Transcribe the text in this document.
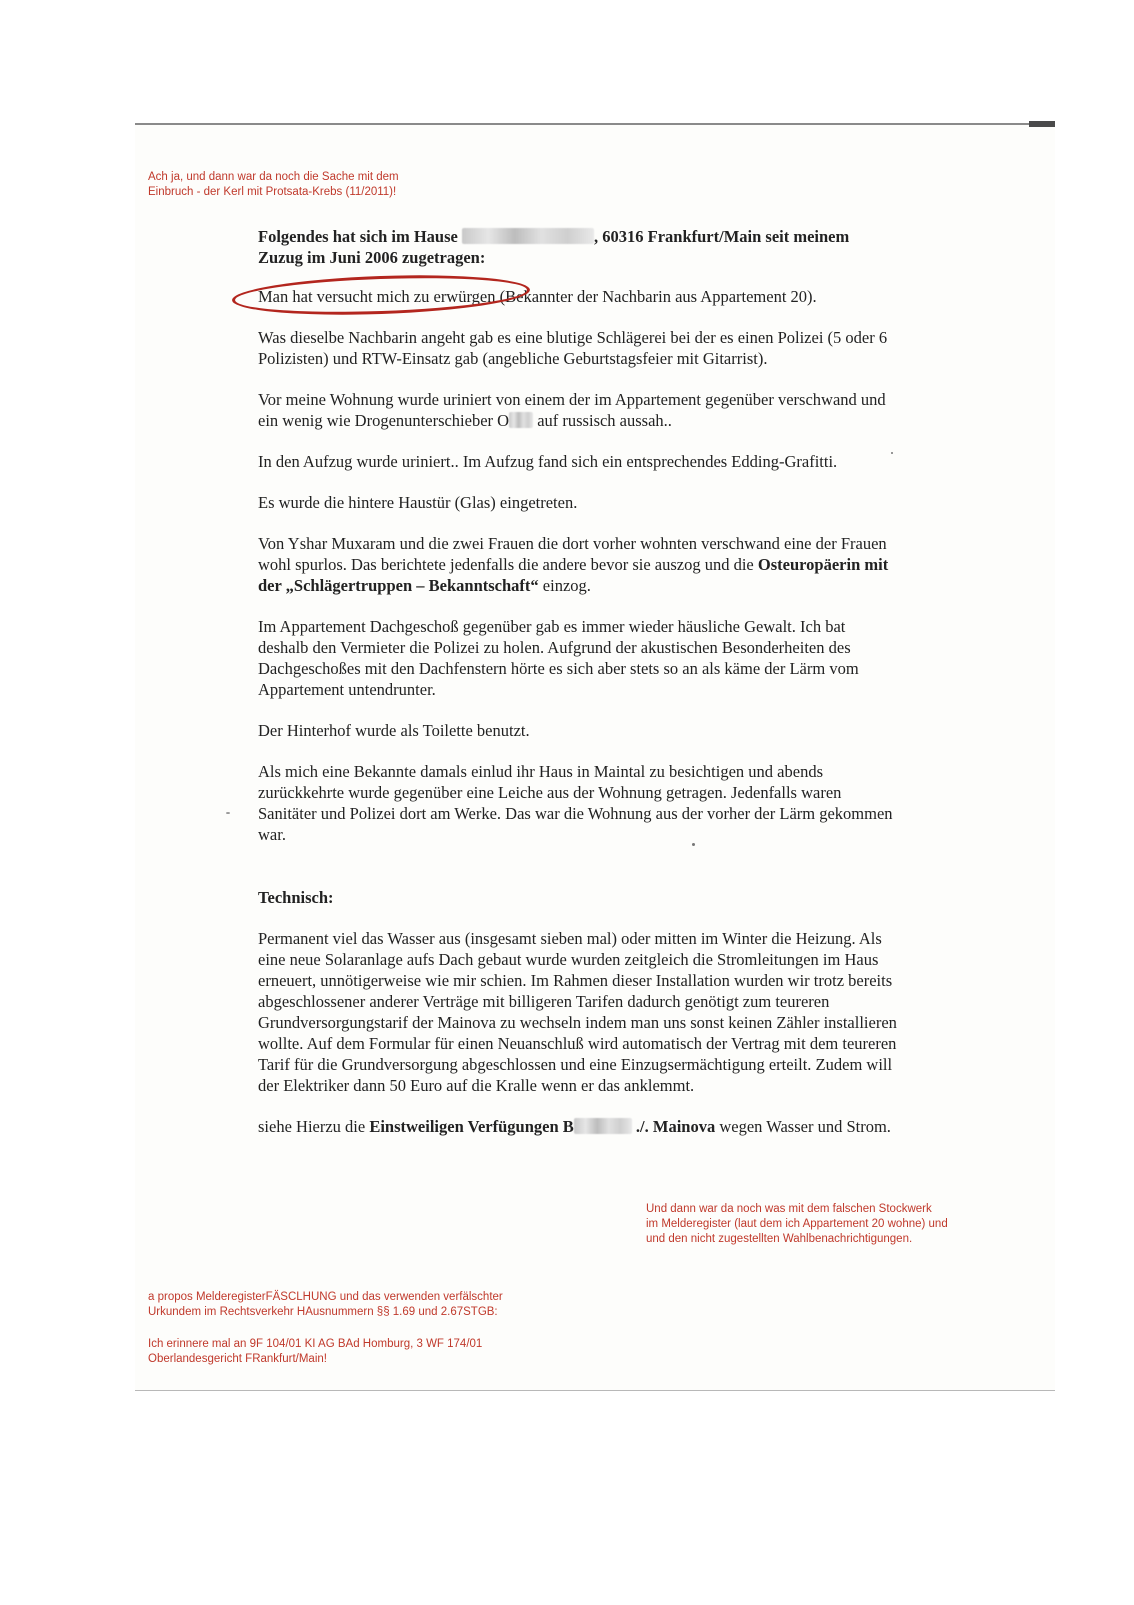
Ach ja, und dann war da noch die Sache mit dem
Einbruch - der Kerl mit Protsata-Krebs (11/2011)!

Folgendes hat sich im Hause	, 60316 Frankfurt/Main seit meinem
Zuzug im Juni 2006 zugetragen:

Man hat versucht mich zu erwürgen (Bekannter der Nachbarin aus Appartement 20).

Was dieselbe Nachbarin angeht gab es eine blutige Schlägerei bei der es einen Polizei (5 oder 6 Polizisten) und RTW-Einsatz gab (angebliche Geburtstagsfeier mit Gitarrist).

Vor meine Wohnung wurde uriniert von einem der im Appartement gegenüber verschwand und ein wenig wie Drogenunterschieber O auf russisch aussah..

In den Aufzug wurde uriniert.. Im Aufzug fand sich ein entsprechendes Edding-Grafitti.

Es wurde die hintere Haustür (Glas) eingetreten.

Von Yshar Muxaram und die zwei Frauen die dort vorher wohnten verschwand eine der Frauen wohl spurlos. Das berichtete jedenfalls die andere bevor sie auszog und die Osteuropäerin mit der „Schlägertruppen – Bekanntschaft“ einzog.

Im Appartement Dachgeschoß gegenüber gab es immer wieder häusliche Gewalt. Ich bat deshalb den Vermieter die Polizei zu holen. Aufgrund der akustischen Besonderheiten des Dachgeschoßes mit den Dachfenstern hörte es sich aber stets so an als käme der Lärm vom Appartement untendrunter.

Der Hinterhof wurde als Toilette benutzt.

Als mich eine Bekannte damals einlud ihr Haus in Maintal zu besichtigen und abends zurückkehrte wurde gegenüber eine Leiche aus der Wohnung getragen. Jedenfalls waren Sanitäter und Polizei dort am Werke. Das war die Wohnung aus der vorher der Lärm gekommen war.

Technisch:

Permanent viel das Wasser aus (insgesamt sieben mal) oder mitten im Winter die Heizung. Als eine neue Solaranlage aufs Dach gebaut wurde wurden zeitgleich die Stromleitungen im Haus erneuert, unnötigerweise wie mir schien. Im Rahmen dieser Installation wurden wir trotz bereits abgeschlossener anderer Verträge mit billigeren Tarifen dadurch genötigt zum teureren Grundversorgungstarif der Mainova zu wechseln indem man uns sonst keinen Zähler installieren wollte. Auf dem Formular für einen Neuanschluß wird automatisch der Vertrag mit dem teureren Tarif für die Grundversorgung abgeschlossen und eine Einzugsermächtigung erteilt. Zudem will der Elektriker dann 50 Euro auf die Kralle wenn er das anklemmt.

siehe Hierzu die Einstweiligen Verfügungen B	./. Mainova wegen Wasser und Strom.

Und dann war da noch was mit dem falschen Stockwerk
im Melderegister (laut dem ich Appartement 20 wohne) und
und den nicht zugestellten Wahlbenachrichtigungen.
a propos MelderegisterFÄSCLHUNG und das verwenden verfälschter
Urkundem im Rechtsverkehr HAusnummern §§ 1.69 und 2.67STGB:
Ich erinnere mal an 9F 104/01 KI AG BAd Homburg, 3 WF 174/01
Oberlandesgericht FRankfurt/Main!
